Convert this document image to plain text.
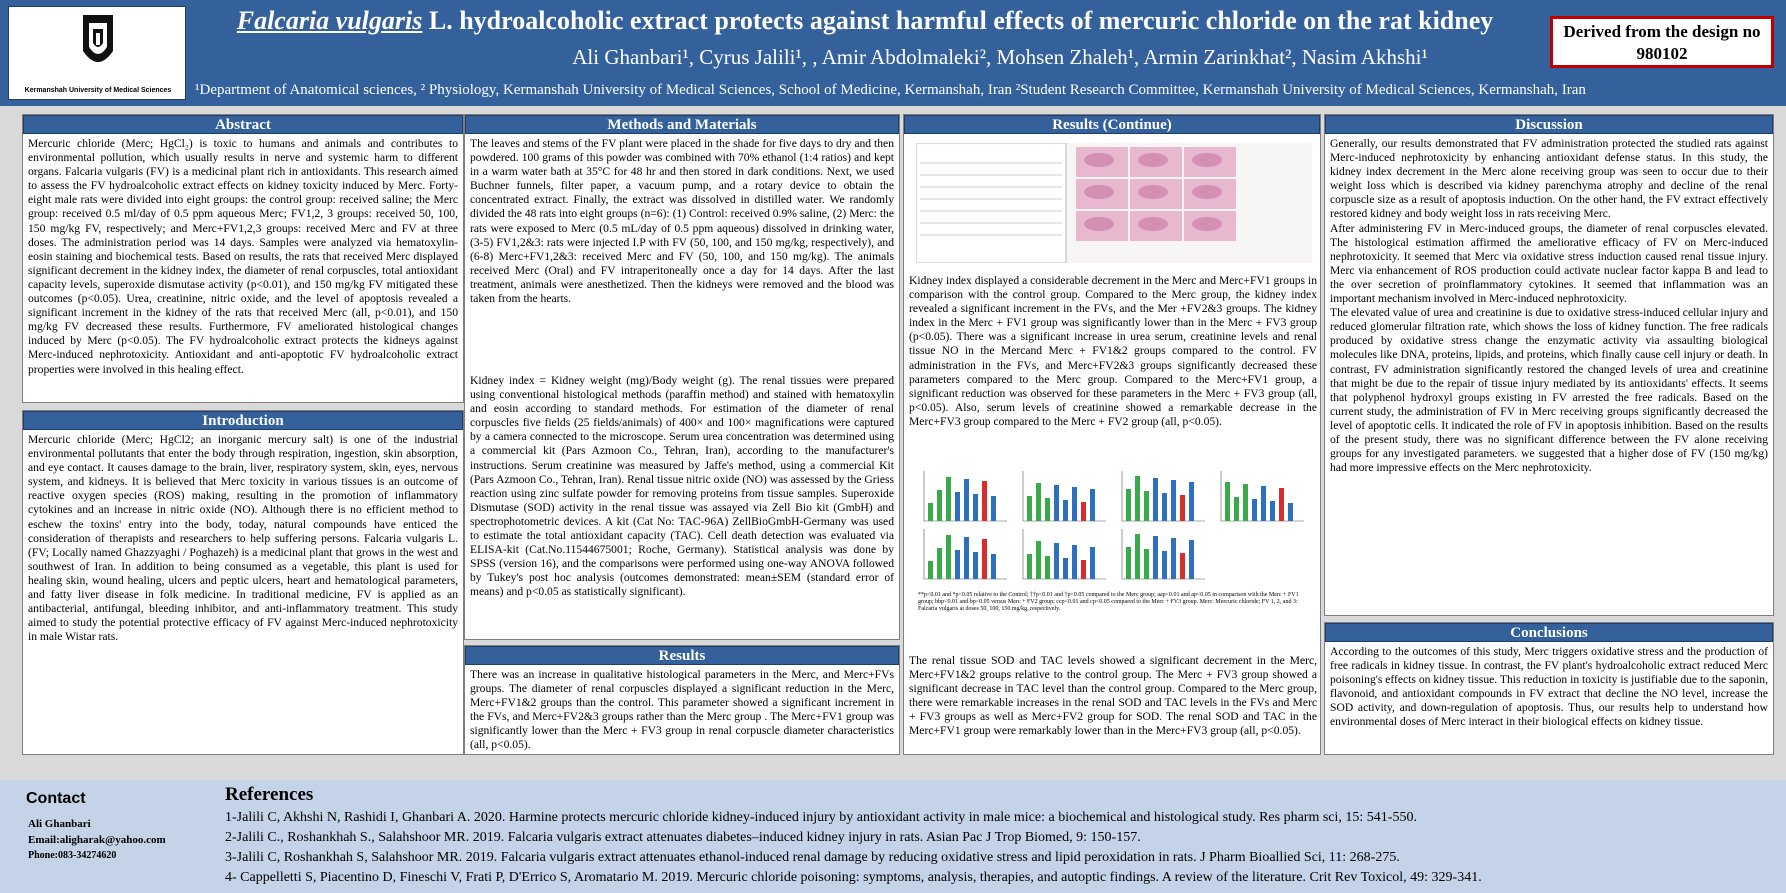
Kermanshah University of Medical Sciences
Falcaria vulgaris L. hydroalcoholic extract protects against harmful effects of mercuric chloride on the rat kidney
Ali Ghanbari¹, Cyrus Jalili¹, , Amir Abdolmaleki², Mohsen Zhaleh¹, Armin Zarinkhat², Nasim Akhshi¹
¹Department of Anatomical sciences, ² Physiology, Kermanshah University of Medical Sciences, School of Medicine, Kermanshah, Iran ²Student Research Committee, Kermanshah University of Medical Sciences, Kermanshah, Iran
Derived from the design no 980102
Abstract
Mercuric chloride (Merc; HgCl₂) is toxic to humans and animals and contributes to environmental pollution, which usually results in nerve and systemic harm to different organs. Falcaria vulgaris (FV) is a medicinal plant rich in antioxidants. This research aimed to assess the FV hydroalcoholic extract effects on kidney toxicity induced by Merc. Forty-eight male rats were divided into eight groups: the control group: received saline; the Merc group: received 0.5 ml/day of 0.5 ppm aqueous Merc; FV1,2, 3 groups: received 50, 100, 150 mg/kg FV, respectively; and Merc+FV1,2,3 groups: received Merc and FV at three doses. The administration period was 14 days. Samples were analyzed via hematoxylin-eosin staining and biochemical tests. Based on results, the rats that received Merc displayed significant decrement in the kidney index, the diameter of renal corpuscles, total antioxidant capacity levels, superoxide dismutase activity (p<0.01), and 150 mg/kg FV mitigated these outcomes (p<0.05). Urea, creatinine, nitric oxide, and the level of apoptosis revealed a significant increment in the kidney of the rats that received Merc (all, p<0.01), and 150 mg/kg FV decreased these results. Furthermore, FV ameliorated histological changes induced by Merc (p<0.05). The FV hydroalcoholic extract protects the kidneys against Merc-induced nephrotoxicity. Antioxidant and anti-apoptotic FV hydroalcoholic extract properties were involved in this healing effect.
Introduction
Mercuric chloride (Merc; HgCl2; an inorganic mercury salt) is one of the industrial environmental pollutants that enter the body through respiration, ingestion, skin absorption, and eye contact. It causes damage to the brain, liver, respiratory system, skin, eyes, nervous system, and kidneys. It is believed that Merc toxicity in various tissues is an outcome of reactive oxygen species (ROS) making, resulting in the promotion of inflammatory cytokines and an increase in nitric oxide (NO). Although there is no efficient method to eschew the toxins' entry into the body, today, natural compounds have enticed the consideration of therapists and researchers to help suffering persons. Falcaria vulgaris L. (FV; Locally named Ghazzyaghi / Poghazeh) is a medicinal plant that grows in the west and southwest of Iran. In addition to being consumed as a vegetable, this plant is used for healing skin, wound healing, ulcers and peptic ulcers, heart and hematological parameters, and fatty liver disease in folk medicine. In traditional medicine, FV is applied as an antibacterial, antifungal, bleeding inhibitor, and anti-inflammatory treatment. This study aimed to study the potential protective efficacy of FV against Merc-induced nephrotoxicity in male Wistar rats.
Methods and Materials
The leaves and stems of the FV plant were placed in the shade for five days to dry and then powdered. 100 grams of this powder was combined with 70% ethanol (1:4 ratios) and kept in a warm water bath at 35°C for 48 hr and then stored in dark conditions. Next, we used Buchner funnels, filter paper, a vacuum pump, and a rotary device to obtain the concentrated extract. Finally, the extract was dissolved in distilled water. We randomly divided the 48 rats into eight groups (n=6): (1) Control: received 0.9% saline, (2) Merc: the rats were exposed to Merc (0.5 mL/day of 0.5 ppm aqueous) dissolved in drinking water, (3-5) FV1,2&3: rats were injected I.P with FV (50, 100, and 150 mg/kg, respectively), and (6-8) Merc+FV1,2&3: received Merc and FV (50, 100, and 150 mg/kg). The animals received Merc (Oral) and FV intraperitoneally once a day for 14 days. After the last treatment, animals were anesthetized. Then the kidneys were removed and the blood was taken from the hearts.
Kidney index = Kidney weight (mg)/Body weight (g). The renal tissues were prepared using conventional histological methods (paraffin method) and stained with hematoxylin and eosin according to standard methods. For estimation of the diameter of renal corpuscles five fields (25 fields/animals) of 400× and 100× magnifications were captured by a camera connected to the microscope. Serum urea concentration was determined using a commercial kit (Pars Azmoon Co., Tehran, Iran), according to the manufacturer's instructions. Serum creatinine was measured by Jaffe's method, using a commercial Kit (Pars Azmoon Co., Tehran, Iran). Renal tissue nitric oxide (NO) was assessed by the Griess reaction using zinc sulfate powder for removing proteins from tissue samples. Superoxide Dismutase (SOD) activity in the renal tissue was assayed via Zell Bio kit (GmbH) and spectrophotometric devices. A kit (Cat No: TAC-96A) ZellBioGmbH-Germany was used to estimate the total antioxidant capacity (TAC). Cell death detection was evaluated via ELISA-kit (Cat.No.11544675001; Roche, Germany). Statistical analysis was done by SPSS (version 16), and the comparisons were performed using one-way ANOVA followed by Tukey's post hoc analysis (outcomes demonstrated: mean±SEM (standard error of means) and p<0.05 as statistically significant).
Results
There was an increase in qualitative histological parameters in the Merc, and Merc+FVs groups. The diameter of renal corpuscles displayed a significant reduction in the Merc, Merc+FV1&2 groups than the control. This parameter showed a significant increment in the FVs, and Merc+FV2&3 groups rather than the Merc group . The Merc+FV1 group was significantly lower than the Merc + FV3 group in renal corpuscle diameter characteristics (all, p<0.05).
Results (Continue)
Kidney index displayed a considerable decrement in the Merc and Merc+FV1 groups in comparison with the control group. Compared to the Merc group, the kidney index revealed a significant increment in the FVs, and the Mer +FV2&3 groups. The kidney index in the Merc + FV1 group was significantly lower than in the Merc + FV3 group (p<0.05). There was a significant increase in urea serum, creatinine levels and renal tissue NO in the Mercand Merc + FV1&2 groups compared to the control. FV administration in the FVs, and Merc+FV2&3 groups significantly decreased these parameters compared to the Merc group. Compared to the Merc+FV1 group, a significant reduction was observed for these parameters in the Merc + FV3 group (all, p<0.05). Also, serum levels of creatinine showed a remarkable decrease in the Merc+FV3 group compared to the Merc + FV2 group (all, p<0.05).
**p<0.01 and *p<0.05 relative to the Control; ††p<0.01 and †p<0.05 compared to the Merc group; aap<0.01 and ap<0.05 in comparison with the Merc + FV1 group; bbp<0.01 and bp<0.05 versus Merc + FV2 group; ccp<0.01 and cp<0.05 compared to the Merc + FV3 group. Merc: Mercuric chloride; FV 1, 2, and 3: Falcaria vulgaris at doses 50, 100, 150 mg/kg, respectively.
The renal tissue SOD and TAC levels showed a significant decrement in the Merc, Merc+FV1&2 groups relative to the control group. The Merc + FV3 group showed a significant decrease in TAC level than the control group. Compared to the Merc group, there were remarkable increases in the renal SOD and TAC levels in the FVs and Merc + FV3 groups as well as Merc+FV2 group for SOD. The renal SOD and TAC in the Merc+FV1 group were remarkably lower than in the Merc+FV3 group (all, p<0.05).
Discussion

Generally, our results demonstrated that FV administration protected the studied rats against Merc-induced nephrotoxicity by enhancing antioxidant defense status. In this study, the kidney index decrement in the Merc alone receiving group was seen to occur due to their weight loss which is described via kidney parenchyma atrophy and decline of the renal corpuscle size as a result of apoptosis induction. On the other hand, the FV extract effectively restored kidney and body weight loss in rats receiving Merc.

After administering FV in Merc-induced groups, the diameter of renal corpuscles elevated. The histological estimation affirmed the ameliorative efficacy of FV on Merc-induced nephrotoxicity. It seemed that Merc via oxidative stress induction caused renal tissue injury. Merc via enhancement of ROS production could activate nuclear factor kappa B and lead to the over secretion of proinflammatory cytokines. It seemed that inflammation was an important mechanism involved in Merc-induced nephrotoxicity.

The elevated value of urea and creatinine is due to oxidative stress-induced cellular injury and reduced glomerular filtration rate, which shows the loss of kidney function. The free radicals produced by oxidative stress change the enzymatic activity via assaulting biological molecules like DNA, proteins, lipids, and proteins, which finally cause cell injury or death. In contrast, FV administration significantly restored the changed levels of urea and creatinine that might be due to the repair of tissue injury mediated by its antioxidants' effects. It seems that polyphenol hydroxyl groups existing in FV arrested the free radicals. Based on the current study, the administration of FV in Merc receiving groups significantly decreased the level of apoptotic cells. It indicated the role of FV in apoptosis inhibition. Based on the results of the present study, there was no significant difference between the FV alone receiving groups for any investigated parameters. we suggested that a higher dose of FV (150 mg/kg) had more impressive effects on the Merc nephrotoxicity.

Conclusions
According to the outcomes of this study, Merc triggers oxidative stress and the production of free radicals in kidney tissue. In contrast, the FV plant's hydroalcoholic extract reduced Merc poisoning's effects on kidney tissue. This reduction in toxicity is justifiable due to the saponin, flavonoid, and antioxidant compounds in FV extract that decline the NO level, increase the SOD activity, and down-regulation of apoptosis. Thus, our results help to understand how environmental doses of Merc interact in their biological effects on kidney tissue.
Contact
Ali Ghanbari
Email:aligharak@yahoo.com
Phone:083-34274620
References
1-Jalili C, Akhshi N, Rashidi I, Ghanbari A. 2020. Harmine protects mercuric chloride kidney-induced injury by antioxidant activity in male mice: a biochemical and histological study. Res pharm sci, 15: 541-550.
2-Jalili C., Roshankhah S., Salahshoor MR. 2019. Falcaria vulgaris extract attenuates diabetes–induced kidney injury in rats. Asian Pac J Trop Biomed, 9: 150-157.
3-Jalili C, Roshankhah S, Salahshoor MR. 2019. Falcaria vulgaris extract attenuates ethanol-induced renal damage by reducing oxidative stress and lipid peroxidation in rats. J Pharm Bioallied Sci, 11: 268-275.
4- Cappelletti S, Piacentino D, Fineschi V, Frati P, D'Errico S, Aromatario M. 2019. Mercuric chloride poisoning: symptoms, analysis, therapies, and autoptic findings. A review of the literature. Crit Rev Toxicol, 49: 329-341.
